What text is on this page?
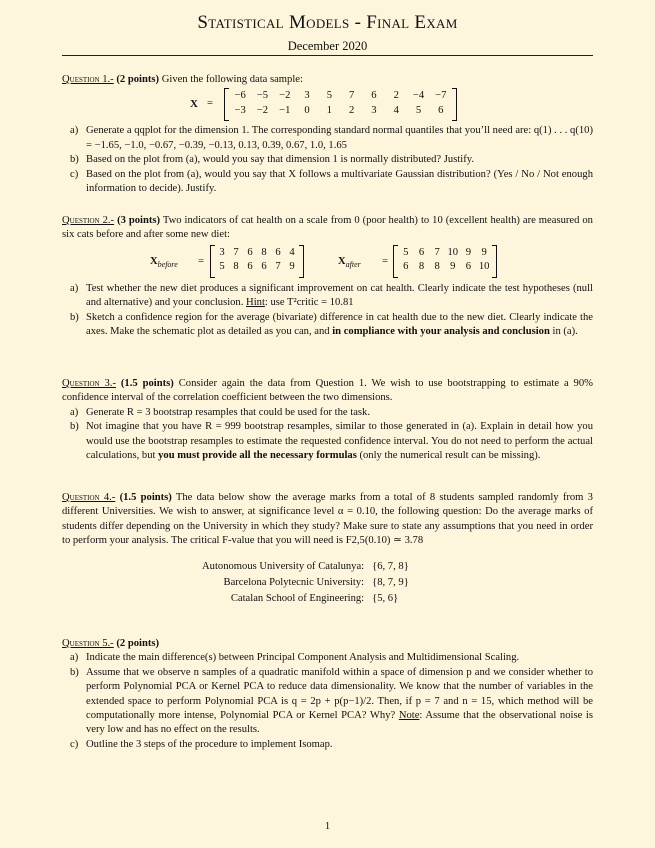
Statistical Models - Final Exam
December 2020
Question 1.- (2 points) Given the following data sample:
X =
−6	−5	−2	3	5	7	6	2	−4	−7
−3	−2	−1	0	1	2	3	4	5	6
a) Generate a qqplot for the dimension 1. The corresponding standard normal quantiles that you’ll need are: q(1) . . . q(10) = −1.65, −1.0, −0.67, −0.39, −0.13, 0.13, 0.39, 0.67, 1.0, 1.65
b) Based on the plot from (a), would you say that dimension 1 is normally distributed? Justify.
c) Based on the plot from (a), would you say that X follows a multivariate Gaussian distribution? (Yes / No / Not enough information to decide). Justify.
Question 2.- (3 points) Two indicators of cat health on a scale from 0 (poor health) to 10 (excellent health) are measured on six cats before and after some new diet:
$X_{before}$ =
3 7 6 8 6 4
5 8 6 6 7 9	$X_{after}$ =
5 6 7 10 9 9
6 8 8 9 6 10
a) Test whether the new diet produces a significant improvement on cat health. Clearly indicate the test hypotheses (null and alternative) and your conclusion. Hint: use T²critic = 10.81
b) Sketch a confidence region for the average (bivariate) difference in cat health due to the new diet. Clearly indicate the axes. Make the schematic plot as detailed as you can, and in compliance with your analysis and conclusion in (a).
Question 3.- (1.5 points) Consider again the data from Question 1. We wish to use bootstrapping to estimate a 90% confidence interval of the correlation coefficient between the two dimensions.
a) Generate R = 3 bootstrap resamples that could be used for the task.
b) Not imagine that you have R = 999 bootstrap resamples, similar to those generated in (a). Explain in detail how you would use the bootstrap resamples to estimate the requested confidence interval. You do not need to perform the actual calculations, but you must provide all the necessary formulas (only the numerical result can be missing).
Question 4.- (1.5 points) The data below show the average marks from a total of 8 students sampled randomly from 3 different Universities. We wish to answer, at significance level α = 0.10, the following question: Do the average marks of students differ depending on the University in which they study? Make sure to state any assumptions that you need in order to perform your analysis. The critical F-value that you will need is F2,5(0.10) ≃ 3.78
Autonomous University of Catalunya:	{6, 7, 8}
Barcelona Polytecnic University:	{8, 7, 9}
Catalan School of Engineering:	{5, 6}
Question 5.- (2 points)
a) Indicate the main difference(s) between Principal Component Analysis and Multidimensional Scaling.
b) Assume that we observe n samples of a quadratic manifold within a space of dimension p and we consider whether to perform Polynomial PCA or Kernel PCA to reduce data dimensionality. We know that the number of variables in the extended space to perform Polynomial PCA is q = 2p + p(p−1)/2. Then, if p = 7 and n = 15, which method will be computationally more intense, Polynomial PCA or Kernel PCA? Why? Note: Assume that the observational noise is very low and has no effect on the results.
c) Outline the 3 steps of the procedure to implement Isomap.
1
